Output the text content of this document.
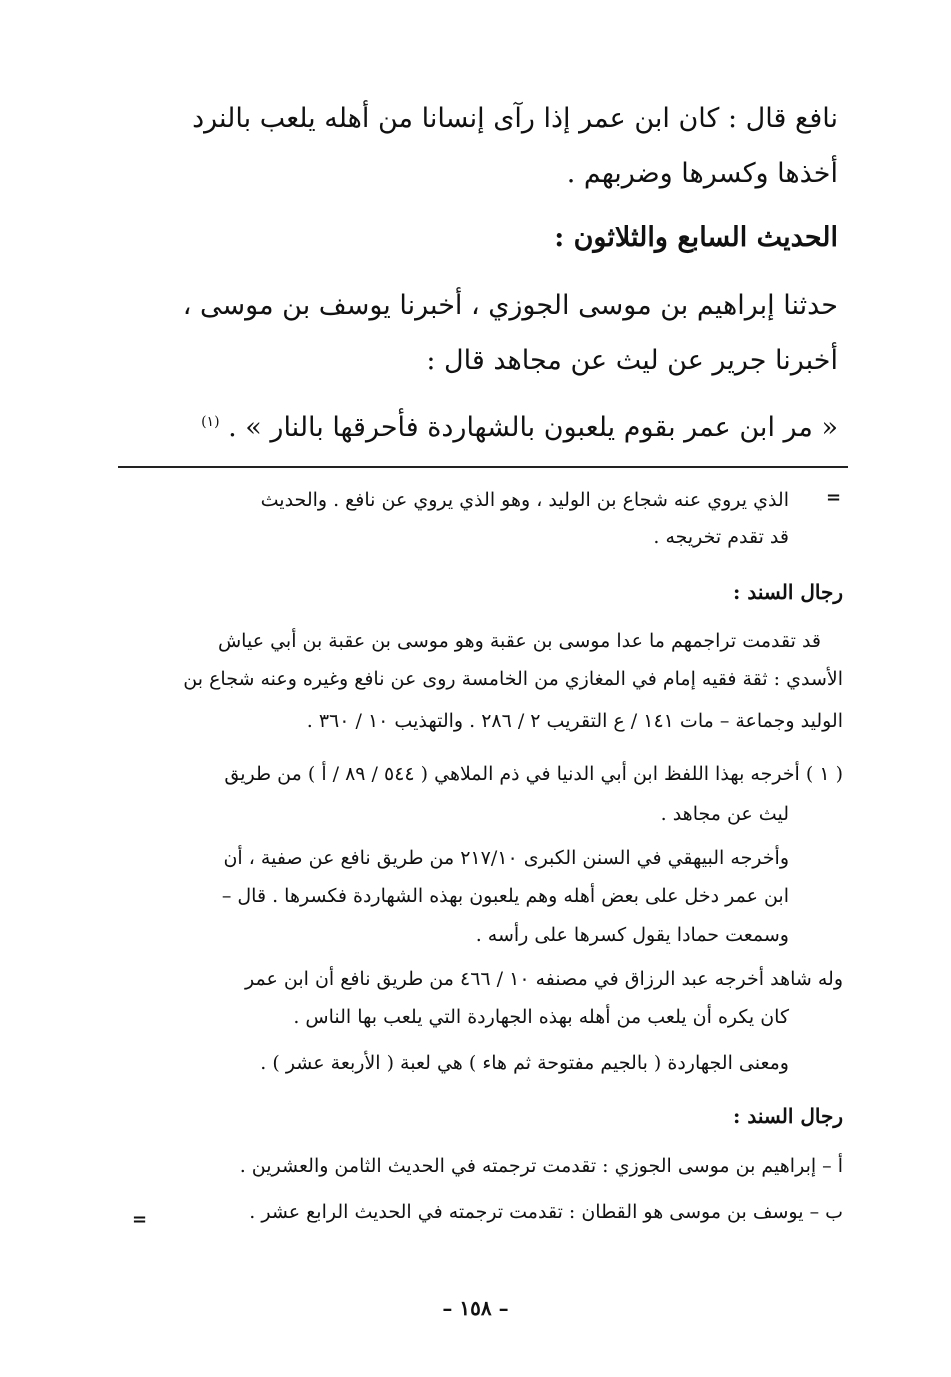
نافع قال : كان ابن عمر إذا رآى إنسانا من أهله يلعب بالنرد
أخذها وكسرها وضربهم .
الحديث السابع والثلاثون :
حدثنا إبراهيم بن موسى الجوزي ، أخبرنا يوسف بن موسى ،
أخبرنا جرير عن ليث عن مجاهد قال :
« مر ابن عمر بقوم يلعبون بالشهاردة فأحرقها بالنار » . $^{(١)}$
=
الذي يروي عنه شجاع بن الوليد ، وهو الذي يروي عن نافع . والحديث
قد تقدم تخريجه .
رجال السند :
قد تقدمت تراجمهم ما عدا موسى بن عقبة وهو موسى بن عقبة بن أبي عياش
الأسدي : ثقة فقيه إمام في المغازي من الخامسة روى عن نافع وغيره وعنه شجاع بن
الوليد وجماعة – مات ١٤١ / ع التقريب ٢ / ٢٨٦ . والتهذيب ١٠ / ٣٦٠ .
( ١ ) أخرجه بهذا اللفظ ابن أبي الدنيا في ذم الملاهي ( ٥٤٤ / ٨٩ / أ ) من طريق
ليث عن مجاهد .
وأخرجه البيهقي في السنن الكبرى ٢١٧/١٠ من طريق نافع عن صفية ، أن
ابن عمر دخل على بعض أهله وهم يلعبون بهذه الشهاردة فكسرها . قال –
وسمعت حمادا يقول كسرها على رأسه .
وله شاهد أخرجه عبد الرزاق في مصنفه ١٠ / ٤٦٦ من طريق نافع أن ابن عمر
كان يكره أن يلعب من أهله بهذه الجهاردة التي يلعب بها الناس .
ومعنى الجهاردة ( بالجيم مفتوحة ثم هاء ) هي لعبة ( الأربعة عشر ) .
رجال السند :
أ – إبراهيم بن موسى الجوزي : تقدمت ترجمته في الحديث الثامن والعشرين .
ب – يوسف بن موسى هو القطان : تقدمت ترجمته في الحديث الرابع عشر .
=
– ١٥٨ –
